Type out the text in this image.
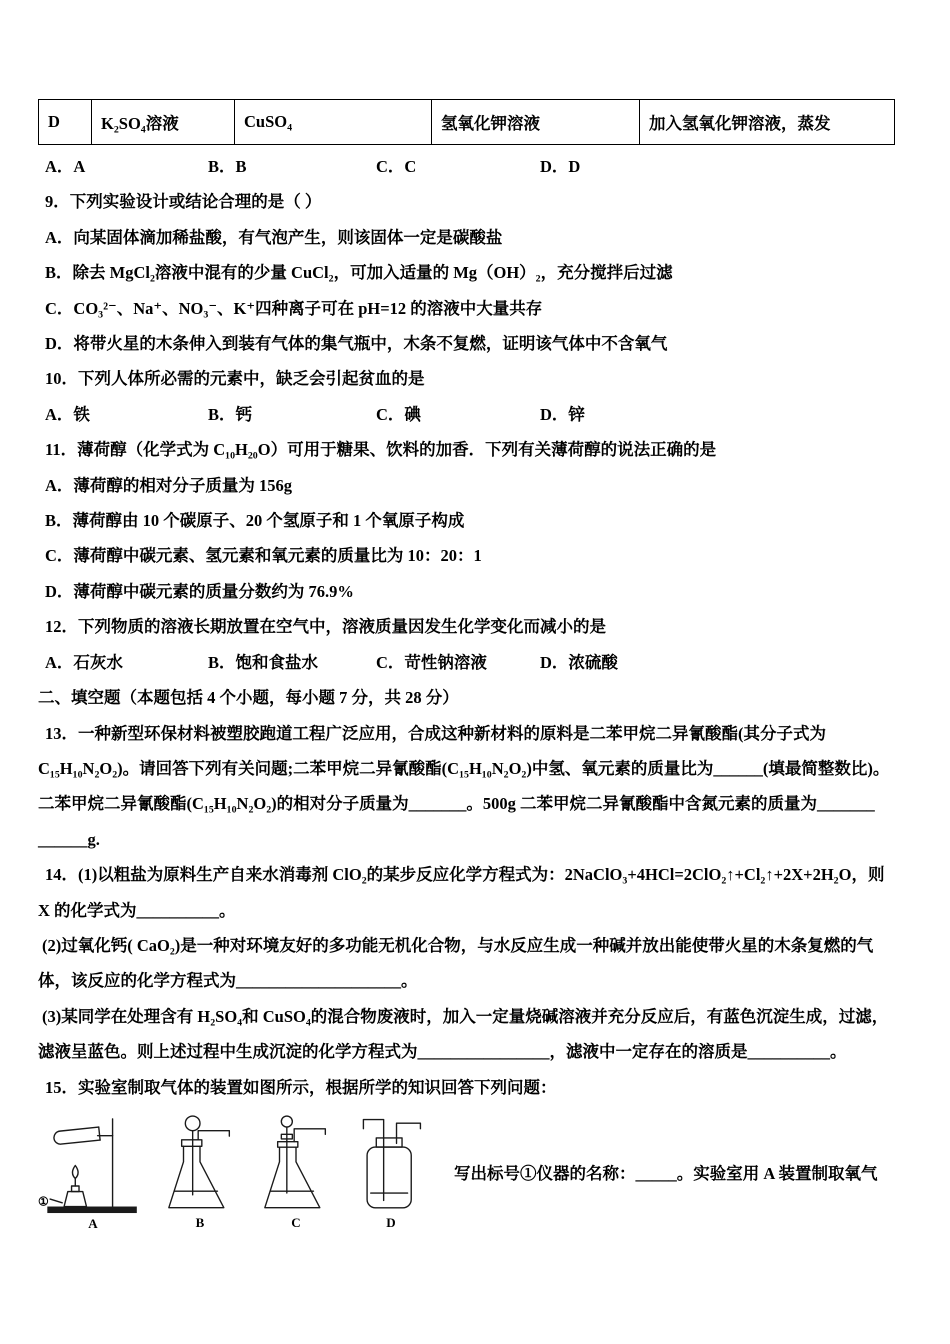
D	K₂SO₄溶液	CuSO₄	氢氧化钾溶液	加入氢氧化钾溶液，蒸发
A．A	B．B	C．C	D．D

9．下列实验设计或结论合理的是（ ）

A．向某固体滴加稀盐酸，有气泡产生，则该固体一定是碳酸盐

B．除去 MgCl₂溶液中混有的少量 CuCl₂，可加入适量的 Mg（OH）₂，充分搅拌后过滤

C．CO₃²⁻、Na⁺、NO₃⁻、K⁺四种离子可在 pH=12 的溶液中大量共存

D．将带火星的木条伸入到装有气体的集气瓶中，木条不复燃，证明该气体中不含氧气

10．下列人体所必需的元素中，缺乏会引起贫血的是

A．铁	B．钙	C．碘	D．锌

11．薄荷醇（化学式为 C₁₀H₂₀O）可用于糖果、饮料的加香．下列有关薄荷醇的说法正确的是

A．薄荷醇的相对分子质量为 156g

B．薄荷醇由 10 个碳原子、20 个氢原子和 1 个氧原子构成

C．薄荷醇中碳元素、氢元素和氧元素的质量比为 10：20：1

D．薄荷醇中碳元素的质量分数约为 76.9%

12．下列物质的溶液长期放置在空气中，溶液质量因发生化学变化而减小的是

A．石灰水	B．饱和食盐水	C．苛性钠溶液	D．浓硫酸

二、填空题（本题包括 4 个小题，每小题 7 分，共 28 分）

13．一种新型环保材料被塑胶跑道工程广泛应用，合成这种新材料的原料是二苯甲烷二异氰酸酯(其分子式为

C₁₅H₁₀N₂O₂)。请回答下列有关问题;二苯甲烷二异氰酸酯(C₁₅H₁₀N₂O₂)中氢、氧元素的质量比为______(填最简整数比)。

二苯甲烷二异氰酸酯(C₁₅H₁₀N₂O₂)的相对分子质量为_______。500g 二苯甲烷二异氰酸酯中含氮元素的质量为_______

______g.

14．(1)以粗盐为原料生产自来水消毒剂 ClO₂的某步反应化学方程式为：2NaClO₃+4HCl=2ClO₂↑+Cl₂↑+2X+2H₂O，则

X 的化学式为__________。

(2)过氧化钙( CaO₂)是一种对环境友好的多功能无机化合物，与水反应生成一种碱并放出能使带火星的木条复燃的气

体，该反应的化学方程式为____________________。

(3)某同学在处理含有 H₂SO₄和 CuSO₄的混合物废液时，加入一定量烧碱溶液并充分反应后，有蓝色沉淀生成，过滤，

滤液呈蓝色。则上述过程中生成沉淀的化学方程式为________________，滤液中一定存在的溶质是__________。

15．实验室制取气体的装置如图所示，根据所学的知识回答下列问题：

①
A	B	C	D
写出标号①仪器的名称：_____。实验室用 A 装置制取氧气
